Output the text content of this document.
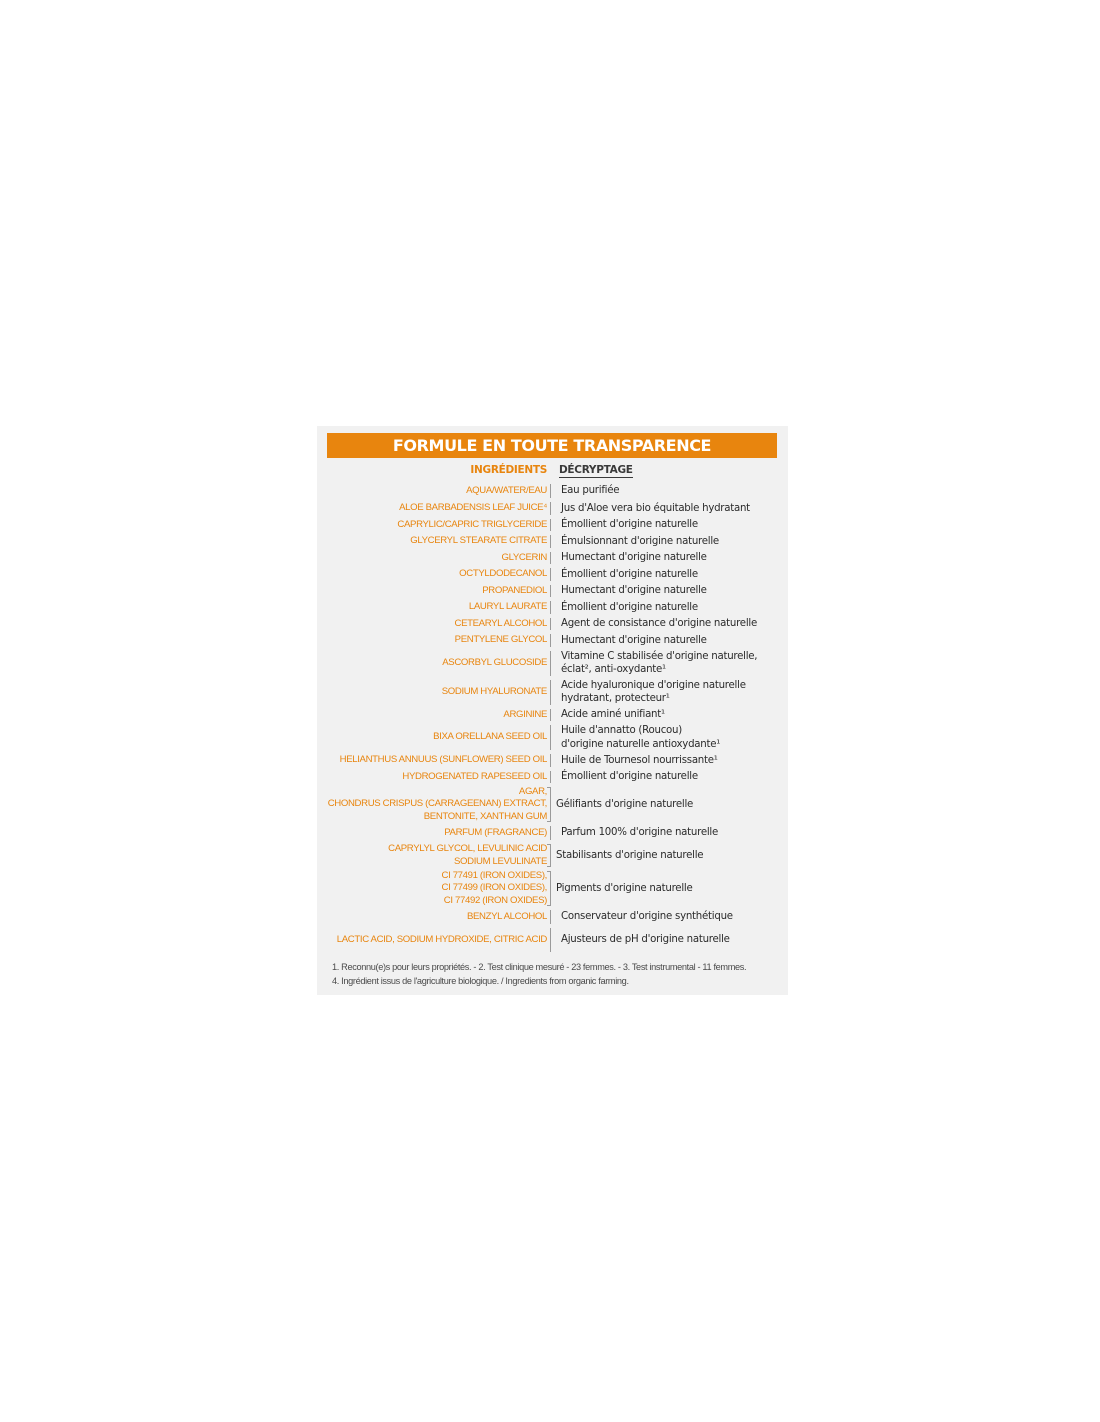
FORMULE EN TOUTE TRANSPARENCE
INGRÉDIENTS DÉCRYPTAGE
AQUA/WATER/EAU Eau purifiée
ALOE BARBADENSIS LEAF JUICE⁴ Jus d'Aloe vera bio équitable hydratant
CAPRYLIC/CAPRIC TRIGLYCERIDE Émollient d'origine naturelle
GLYCERYL STEARATE CITRATE Émulsionnant d'origine naturelle
GLYCERIN Humectant d'origine naturelle
OCTYLDODECANOL Émollient d'origine naturelle
PROPANEDIOL Humectant d'origine naturelle
LAURYL LAURATE Émollient d'origine naturelle
CETEARYL ALCOHOL Agent de consistance d'origine naturelle
PENTYLENE GLYCOL Humectant d'origine naturelle
ASCORBYL GLUCOSIDE
Vitamine C stabilisée d'origine naturelle,
éclat², anti-oxydante¹
SODIUM HYALURONATE
Acide hyaluronique d'origine naturelle
hydratant, protecteur¹
ARGININE Acide aminé unifiant¹
BIXA ORELLANA SEED OIL
Huile d'annatto (Roucou)
d'origine naturelle antioxydante¹
HELIANTHUS ANNUUS (SUNFLOWER) SEED OIL Huile de Tournesol nourrissante¹
HYDROGENATED RAPESEED OIL Émollient d'origine naturelle
AGAR,
CHONDRUS CRISPUS (CARRAGEENAN) EXTRACT,
BENTONITE, XANTHAN GUM
Gélifiants d'origine naturelle
PARFUM (FRAGRANCE) Parfum 100% d'origine naturelle
CAPRYLYL GLYCOL, LEVULINIC ACID
SODIUM LEVULINATE
Stabilisants d'origine naturelle
CI 77491 (IRON OXIDES),
CI 77499 (IRON OXIDES),
CI 77492 (IRON OXIDES)
Pigments d'origine naturelle
BENZYL ALCOHOL Conservateur d'origine synthétique
LACTIC ACID, SODIUM HYDROXIDE, CITRIC ACID Ajusteurs de pH d'origine naturelle
1. Reconnu(e)s pour leurs propriétés. - 2. Test clinique mesuré - 23 femmes. - 3. Test instrumental - 11 femmes.
4. Ingrédient issus de l'agriculture biologique. / Ingredients from organic farming.
